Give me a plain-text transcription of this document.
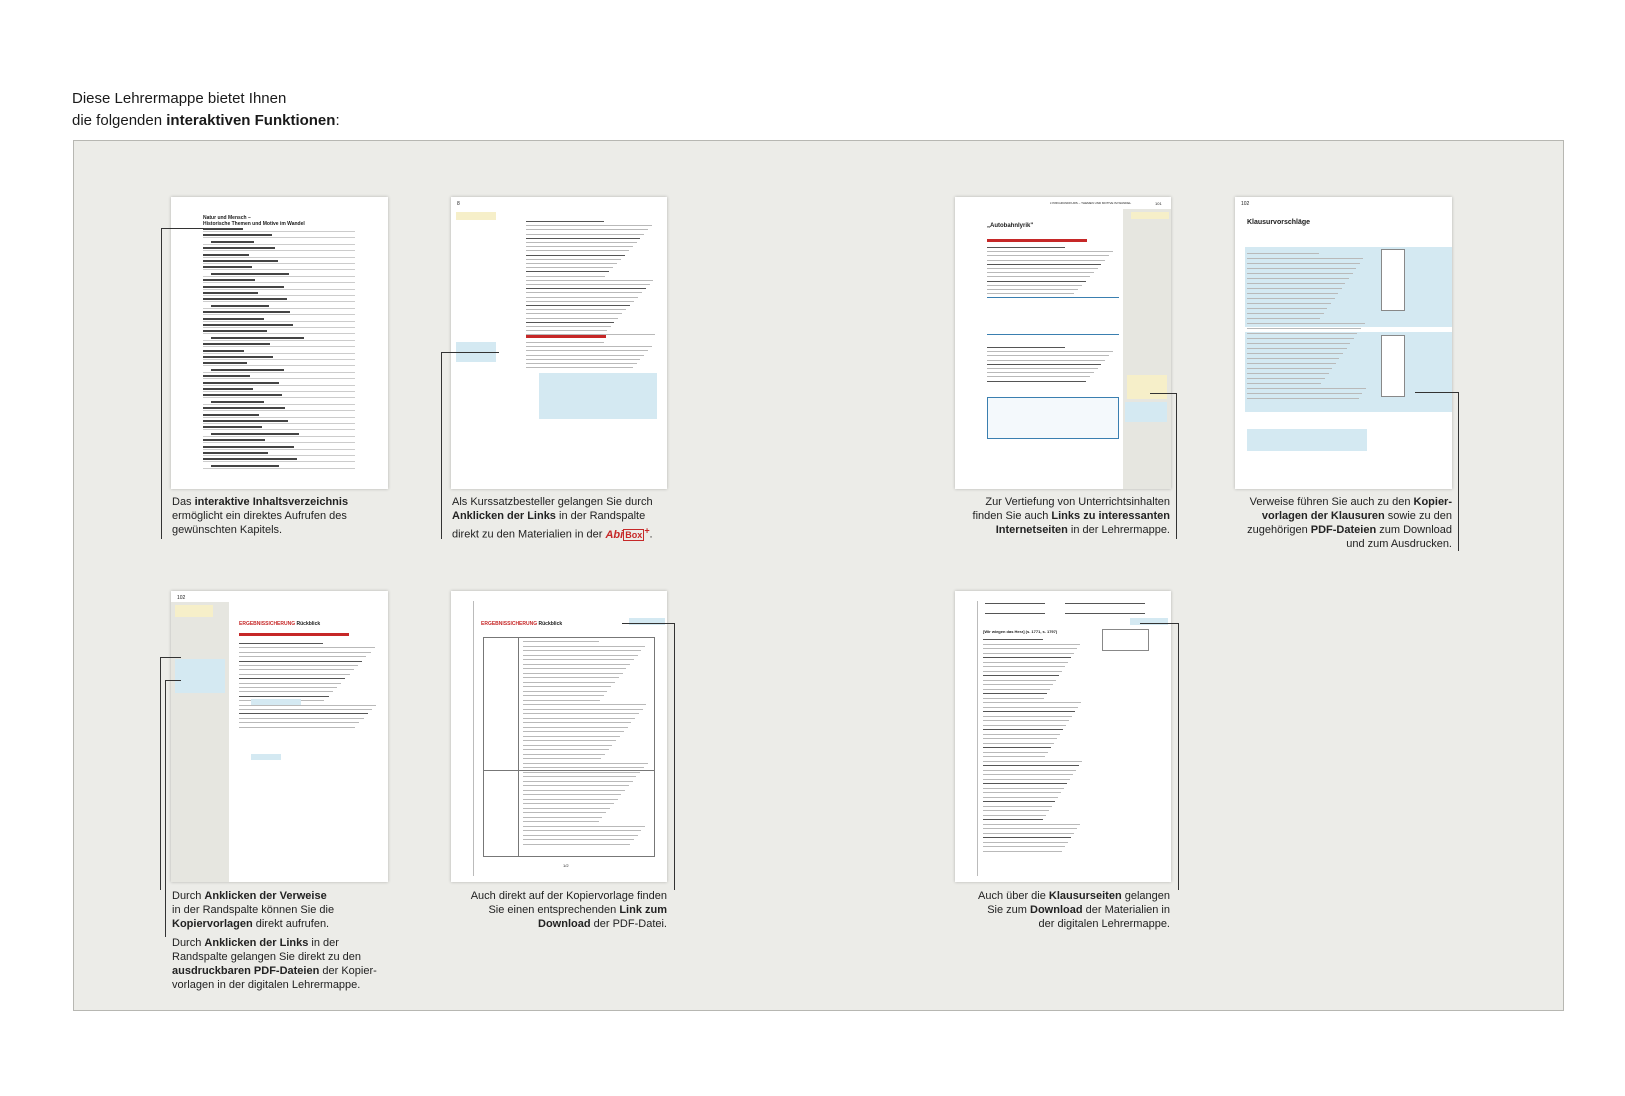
Diese Lehrermappe bietet Ihnen
die folgenden interaktiven Funktionen:
Natur und Mensch –
Historische Themen und Motive im Wandel
8	LYRIKGRUNDKURS – THEMEN UND MOTIVE IM WANDEL	101
„Autobahnlyrik"
102
Klausurvorschläge
102
ERGEBNISSICHERUNG Rückblick	ERGEBNISSICHERUNG Rückblick
1/2
[Wir wiegen das Herz] (s. 1771, s. 1797)
Das interaktive Inhaltsverzeichnis
ermöglicht ein direktes Aufrufen des
gewünschten Kapitels.
Als Kurssatzbesteller gelangen Sie durch
Anklicken der Links in der Randspalte
direkt zu den Materialien in der Abi Box +.
Zur Vertiefung von Unterrichtsinhalten
finden Sie auch Links zu interessanten
Internetseiten in der Lehrermappe.
Verweise führen Sie auch zu den Kopier-
vorlagen der Klausuren sowie zu den
zugehörigen PDF-Dateien zum Download
und zum Ausdrucken.
Durch Anklicken der Verweise
in der Randspalte können Sie die
Kopiervorlagen direkt aufrufen.
Durch Anklicken der Links in der
Randspalte gelangen Sie direkt zu den
ausdruckbaren PDF-Dateien der Kopier-
vorlagen in der digitalen Lehrermappe.
Auch direkt auf der Kopiervorlage finden
Sie einen entsprechenden Link zum
Download der PDF-Datei.
Auch über die Klausurseiten gelangen
Sie zum Download der Materialien in
der digitalen Lehrermappe.
